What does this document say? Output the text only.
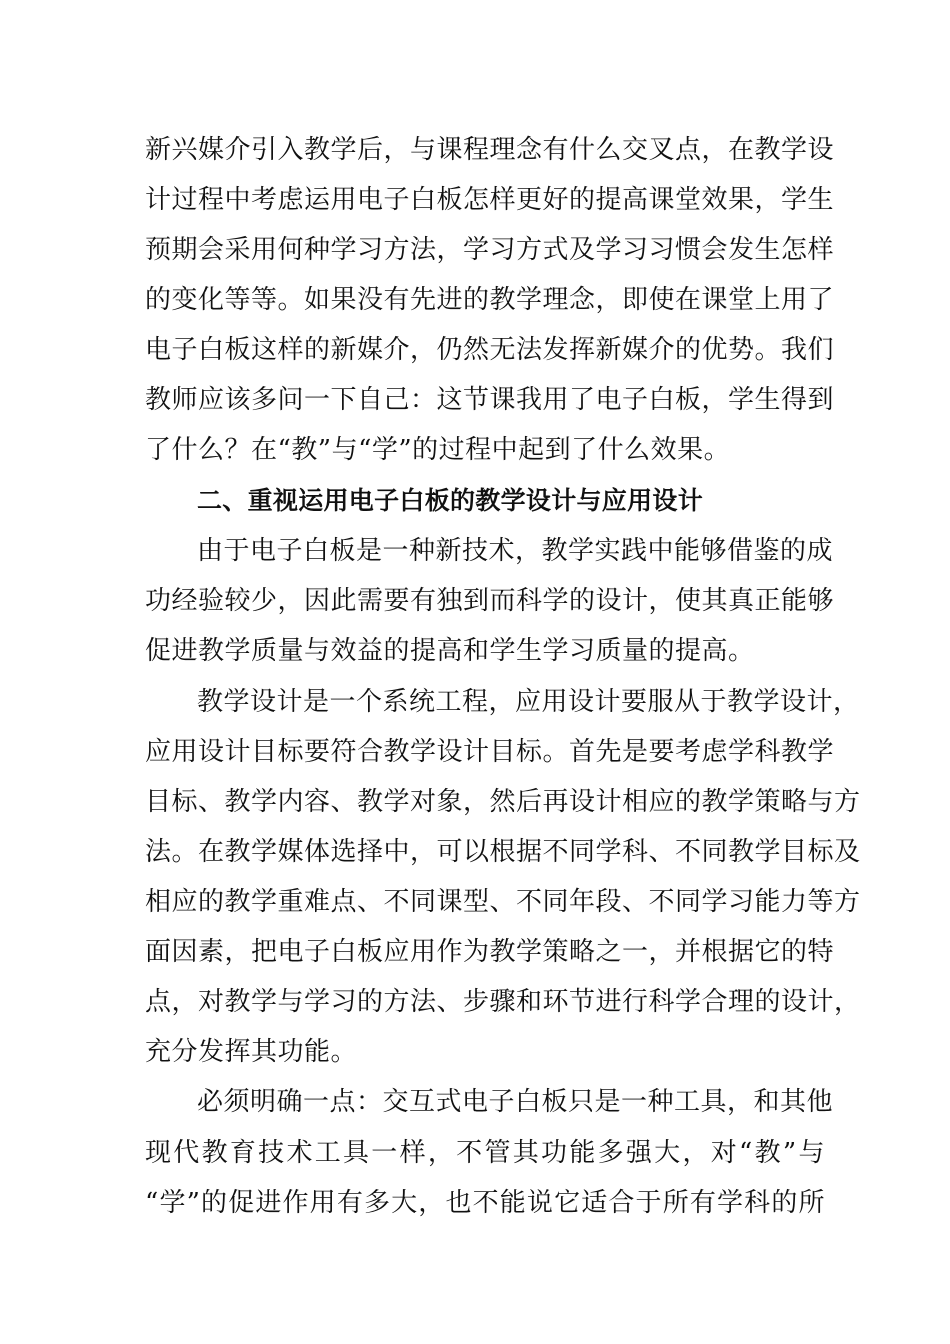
新兴媒介引入教学后，与课程理念有什么交叉点，在教学设
计过程中考虑运用电子白板怎样更好的提高课堂效果，学生
预期会采用何种学习方法，学习方式及学习习惯会发生怎样
的变化等等。如果没有先进的教学理念，即使在课堂上用了
电子白板这样的新媒介，仍然无法发挥新媒介的优势。我们
教师应该多问一下自己：这节课我用了电子白板，学生得到
了什么？在“教”与“学”的过程中起到了什么效果。
二、重视运用电子白板的教学设计与应用设计
由于电子白板是一种新技术，教学实践中能够借鉴的成
功经验较少，因此需要有独到而科学的设计，使其真正能够
促进教学质量与效益的提高和学生学习质量的提高。
教学设计是一个系统工程，应用设计要服从于教学设计，
应用设计目标要符合教学设计目标。首先是要考虑学科教学
目标、教学内容、教学对象，然后再设计相应的教学策略与方
法。在教学媒体选择中，可以根据不同学科、不同教学目标及
相应的教学重难点、不同课型、不同年段、不同学习能力等方
面因素，把电子白板应用作为教学策略之一，并根据它的特
点，对教学与学习的方法、步骤和环节进行科学合理的设计，
充分发挥其功能。
必须明确一点：交互式电子白板只是一种工具，和其他
现代教育技术工具一样，不管其功能多强大，对“教”与
“学”的促进作用有多大，也不能说它适合于所有学科的所
